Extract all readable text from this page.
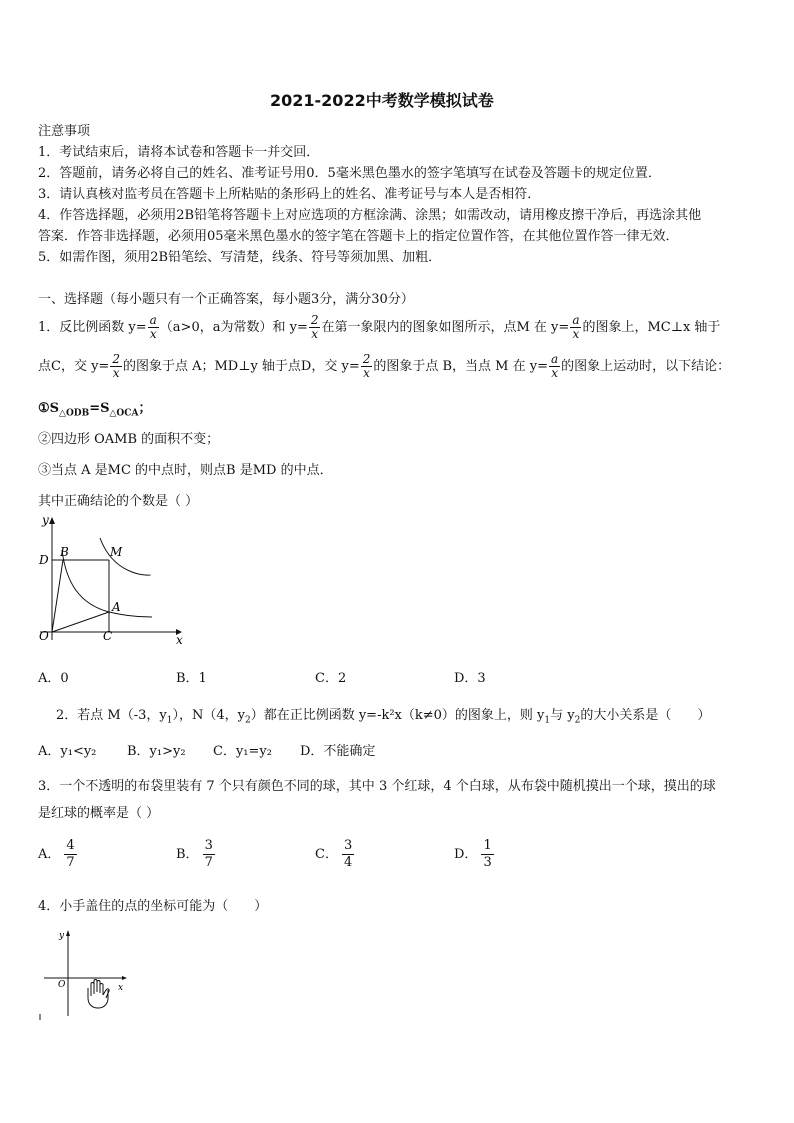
2021-2022中考数学模拟试卷
注意事项
1．考试结束后，请将本试卷和答题卡一并交回．
2．答题前，请务必将自己的姓名、准考证号用0．5毫米黑色墨水的签字笔填写在试卷及答题卡的规定位置．
3．请认真核对监考员在答题卡上所粘贴的条形码上的姓名、准考证号与本人是否相符．
4．作答选择题，必须用2B铅笔将答题卡上对应选项的方框涂满、涂黑；如需改动，请用橡皮擦干净后，再选涂其他
答案．作答非选择题，必须用05毫米黑色墨水的签字笔在答题卡上的指定位置作答，在其他位置作答一律无效．
5．如需作图，须用2B铅笔绘、写清楚，线条、符号等须加黑、加粗．
一、选择题（每小题只有一个正确答案，每小题3分，满分30分）
1．反比例函数 $y= \frac{a}{x} (a>0$，a为常数）和 $y= \frac{2}{x}$ 在第一象限内的图象如图所示，点M 在 $y= \frac{a}{x}$ 的图象上，MC⊥x 轴于
点C，交 $y= \frac{2}{x}$ 的图象于点 A；MD⊥y 轴于点D，交 $y= \frac{2}{x}$ 的图象于点 B，当点 M 在 $y= \frac{a}{x}$ 的图象上运动时，以下结论：
$①S_{\triangle ODB}=S_{\triangle OCA}$；
②四边形 OAMB 的面积不变；
③当点 A 是MC 的中点时，则点B 是MD 的中点．
其中正确结论的个数是（ ）
y
x
D
B	M
A
O	C
A．0	B．1	C．2	D．3
2．若点 M（-3，$y_1$），N（4，$y_2$）都在正比例函数 y=-k²x（k≠0）的图象上，则 $y_1$与 $y_2$的大小关系是（　　）
A．y₁<y₂ B．y₁>y₂ C．y₁=y₂ D．不能确定
3．一个不透明的布袋里装有 7 个只有颜色不同的球，其中 3 个红球，4 个白球，从布袋中随机摸出一个球，摸出的球
是红球的概率是（ ）
A． $\frac{4}{7}$	B． $\frac{3}{7}$	C． $\frac{3}{4}$	D． $\frac{1}{3}$
4．小手盖住的点的坐标可能为（　　）
y
x
O
